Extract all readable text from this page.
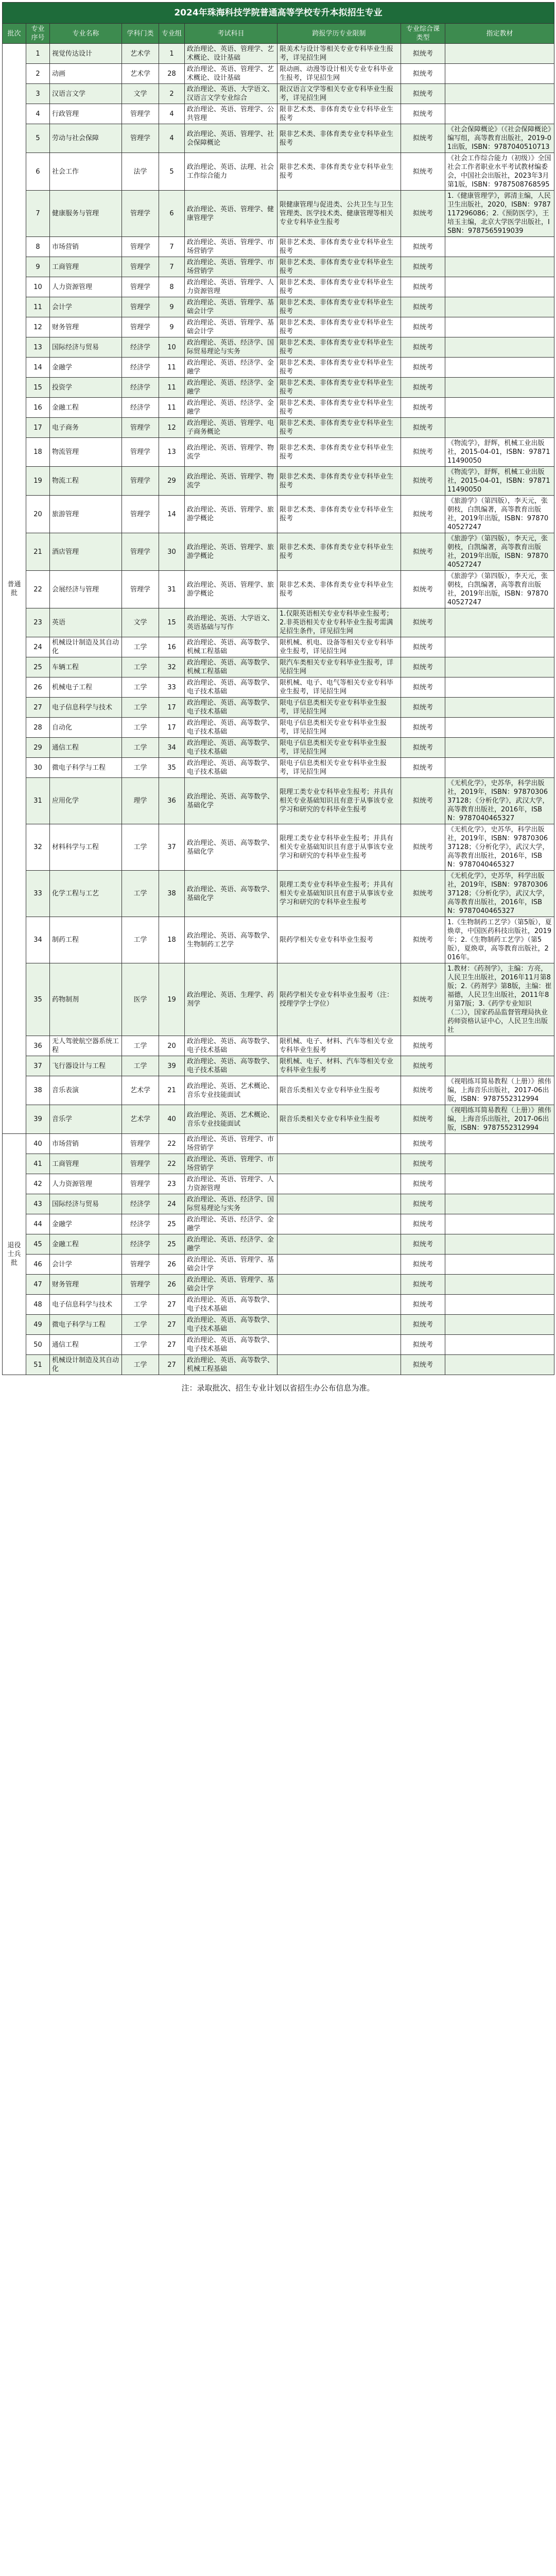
2024年珠海科技学院普通高等学校专升本拟招生专业								
批次	专业序号	专业名称	学科门类	专业组	考试科目	跨报学历专业限制	专业综合课类型	指定教材
普通批	1	视觉传达设计	艺术学	1	政治理论、英语、管理学、艺术概论、设计基础	限美术与设计等相关专业专科毕业生报考，详见招生网	拟统考	
	2	动画	艺术学	28	政治理论、英语、管理学、艺术概论、设计基础	限动画、动漫等设计相关专业专科毕业生报考，详见招生网	拟统考	
	3	汉语言文学	文学	2	政治理论、英语、大学语文、汉语言文学专业综合	限汉语言文学等相关专业专科毕业生报考，详见招生网	拟统考	
	4	行政管理	管理学	4	政治理论、英语、管理学、公共管理	限非艺术类、非体育类专业专科毕业生报考	拟统考	
	5	劳动与社会保障	管理学	4	政治理论、英语、管理学、社会保障概论	限非艺术类、非体育类专业专科毕业生报考	拟统考	《社会保障概论》（《社会保障概论》编写组，高等教育出版社，2019-01出版，ISBN：9787040510713
	6	社会工作	法学	5	政治理论、英语、法理、社会工作综合能力	限非艺术类、非体育类专业专科毕业生报考	拟统考	《社会工作综合能力（初级）》全国社会工作者职业水平考试教材编委会，中国社会出版社，2023年3月第1版，ISBN：9787508768595
	7	健康服务与管理	管理学	6	政治理论、英语、管理学、健康管理学	限健康管理与促进类、公共卫生与卫生管理类、医学技术类、健康管理等相关专业专科毕业生报考	拟统考	1.《健康管理学》，郭清主编，人民卫生出版社，2020，ISBN：9787117296086；2.《预防医学》，王培玉主编，北京大学医学出版社，ISBN：9787565919039
	8	市场营销	管理学	7	政治理论、英语、管理学、市场营销学	限非艺术类、非体育类专业专科毕业生报考	拟统考	
	9	工商管理	管理学	7	政治理论、英语、管理学、市场营销学	限非艺术类、非体育类专业专科毕业生报考	拟统考	
	10	人力资源管理	管理学	8	政治理论、英语、管理学、人力资源管理	限非艺术类、非体育类专业专科毕业生报考	拟统考	
	11	会计学	管理学	9	政治理论、英语、管理学、基础会计学	限非艺术类、非体育类专业专科毕业生报考	拟统考	
	12	财务管理	管理学	9	政治理论、英语、管理学、基础会计学	限非艺术类、非体育类专业专科毕业生报考	拟统考	
	13	国际经济与贸易	经济学	10	政治理论、英语、经济学、国际贸易理论与实务	限非艺术类、非体育类专业专科毕业生报考	拟统考	
	14	金融学	经济学	11	政治理论、英语、经济学、金融学	限非艺术类、非体育类专业专科毕业生报考	拟统考	
	15	投资学	经济学	11	政治理论、英语、经济学、金融学	限非艺术类、非体育类专业专科毕业生报考	拟统考	
	16	金融工程	经济学	11	政治理论、英语、经济学、金融学	限非艺术类、非体育类专业专科毕业生报考	拟统考	
	17	电子商务	管理学	12	政治理论、英语、管理学、电子商务概论	限非艺术类、非体育类专业专科毕业生报考	拟统考	
	18	物流管理	管理学	13	政治理论、英语、管理学、物流学	限非艺术类、非体育类专业专科毕业生报考	拟统考	《物流学》，舒辉，机械工业出版社，2015-04-01，ISBN：9787111490050
	19	物流工程	管理学	29	政治理论、英语、管理学、物流学	限非艺术类、非体育类专业专科毕业生报考	拟统考	《物流学》，舒辉，机械工业出版社，2015-04-01，ISBN：9787111490050
	20	旅游管理	管理学	14	政治理论、英语、管理学、旅游学概论	限非艺术类、非体育类专业专科毕业生报考	拟统考	《旅游学》（第四版），李天元，张朝枝，白凯编著，高等教育出版社，2019年出版，ISBN：9787040527247
	21	酒店管理	管理学	30	政治理论、英语、管理学、旅游学概论	限非艺术类、非体育类专业专科毕业生报考	拟统考	《旅游学》（第四版），李天元，张朝枝，白凯编著，高等教育出版社，2019年出版，ISBN：9787040527247
	22	会展经济与管理	管理学	31	政治理论、英语、管理学、旅游学概论	限非艺术类、非体育类专业专科毕业生报考	拟统考	《旅游学》（第四版），李天元，张朝枝，白凯编著，高等教育出版社，2019年出版，ISBN：9787040527247
	23	英语	文学	15	政治理论、英语、大学语文、英语基础与写作	1.仅限英语相关专业专科毕业生报考；2.非英语相关专业专科毕业生报考需满足招生条件，详见招生网	拟统考	
	24	机械设计制造及其自动化	工学	16	政治理论、英语、高等数学、机械工程基础	限机械、机电、设备等相关专业专科毕业生报考，详见招生网	拟统考	
	25	车辆工程	工学	32	政治理论、英语、高等数学、机械工程基础	限汽车类相关专业专科毕业生报考，详见招生网	拟统考	
	26	机械电子工程	工学	33	政治理论、英语、高等数学、电子技术基础	限机械、电子、电气等相关专业专科毕业生报考，详见招生网	拟统考	
	27	电子信息科学与技术	工学	17	政治理论、英语、高等数学、电子技术基础	限电子信息类相关专业专科毕业生报考，详见招生网	拟统考	
	28	自动化	工学	17	政治理论、英语、高等数学、电子技术基础	限电子信息类相关专业专科毕业生报考，详见招生网	拟统考	
	29	通信工程	工学	34	政治理论、英语、高等数学、电子技术基础	限电子信息类相关专业专科毕业生报考，详见招生网	拟统考	
	30	微电子科学与工程	工学	35	政治理论、英语、高等数学、电子技术基础	限电子信息类相关专业专科毕业生报考，详见招生网	拟统考	
	31	应用化学	理学	36	政治理论、英语、高等数学、基础化学	限理工类专业专科毕业生报考；并具有相关专业基础知识且有意于从事该专业学习和研究的专科毕业生报考	拟统考	《无机化学》，史苏华，科学出版社，2019年，ISBN：9787030637128；《分析化学》，武汉大学，高等教育出版社，2016年，ISBN：9787040465327
	32	材料科学与工程	工学	37	政治理论、英语、高等数学、基础化学	限理工类专业专科毕业生报考；并具有相关专业基础知识且有意于从事该专业学习和研究的专科毕业生报考	拟统考	《无机化学》，史苏华，科学出版社，2019年，ISBN：9787030637128；《分析化学》，武汉大学，高等教育出版社，2016年，ISBN：9787040465327
	33	化学工程与工艺	工学	38	政治理论、英语、高等数学、基础化学	限理工类专业专科毕业生报考；并具有相关专业基础知识且有意于从事该专业学习和研究的专科毕业生报考	拟统考	《无机化学》，史苏华，科学出版社，2019年，ISBN：9787030637128；《分析化学》，武汉大学，高等教育出版社，2016年，ISBN：9787040465327
	34	制药工程	工学	18	政治理论、英语、高等数学、生物制药工艺学	限药学相关专业专科毕业生报考	拟统考	1.《生物制药工艺学》（第5版），夏焕章，中国医药科技出版社，2019年；2.《生物制药工艺学》（第5版），夏焕章，高等教育出版社，2016年。
	35	药物制剂	医学	19	政治理论、英语、生理学、药剂学	限药学相关专业专科毕业生报考（注：授理学学士学位）	拟统考	1.教材：《药剂学》，主编：方亮，人民卫生出版社，2016年11月第8版；2.《药剂学》第8版，主编：崔福德，人民卫生出版社，2011年8月第7版；3.《药学专业知识（二）》，国家药品监督管理局执业药师资格认证中心，人民卫生出版社
	36	无人驾驶航空器系统工程	工学	20	政治理论、英语、高等数学、电子技术基础	限机械、电子、材料、汽车等相关专业专科毕业生报考	拟统考	
	37	飞行器设计与工程	工学	39	政治理论、英语、高等数学、电子技术基础	限机械、电子、材料、汽车等相关专业专科毕业生报考	拟统考	
	38	音乐表演	艺术学	21	政治理论、英语、艺术概论、音乐专业技能面试	限音乐类相关专业专科毕业生报考	拟统考	《视唱练耳简易教程（上册）》熊伟 编，上海音乐出版社，2017-06出版，ISBN：9787552312994
	39	音乐学	艺术学	40	政治理论、英语、艺术概论、音乐专业技能面试	限音乐类相关专业专科毕业生报考	拟统考	《视唱练耳简易教程（上册）》熊伟 编，上海音乐出版社，2017-06出版，ISBN：9787552312994
退役士兵批	40	市场营销	管理学	22	政治理论、英语、管理学、市场营销学		拟统考	
	41	工商管理	管理学	22	政治理论、英语、管理学、市场营销学		拟统考	
	42	人力资源管理	管理学	23	政治理论、英语、管理学、人力资源管理		拟统考	
	43	国际经济与贸易	经济学	24	政治理论、英语、经济学、国际贸易理论与实务		拟统考	
	44	金融学	经济学	25	政治理论、英语、经济学、金融学		拟统考	
	45	金融工程	经济学	25	政治理论、英语、经济学、金融学		拟统考	
	46	会计学	管理学	26	政治理论、英语、管理学、基础会计学		拟统考	
	47	财务管理	管理学	26	政治理论、英语、管理学、基础会计学		拟统考	
	48	电子信息科学与技术	工学	27	政治理论、英语、高等数学、电子技术基础		拟统考	
	49	微电子科学与工程	工学	27	政治理论、英语、高等数学、电子技术基础		拟统考	
	50	通信工程	工学	27	政治理论、英语、高等数学、电子技术基础		拟统考	
	51	机械设计制造及其自动化	工学	27	政治理论、英语、高等数学、机械工程基础		拟统考	
注：录取批次、招生专业计划以省招生办公布信息为准。
